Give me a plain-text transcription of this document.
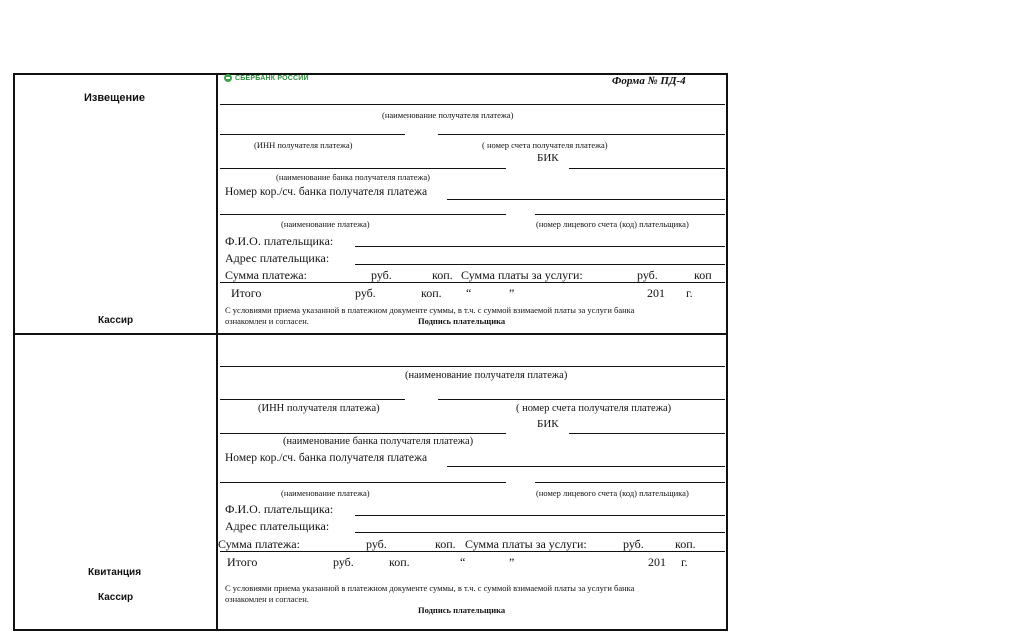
Извещение
Кассир
СБЕРБАНК РОССИИ	Форма № ПД-4
(наименование получателя платежа)
(ИНН получателя платежа)	( номер счета получателя платежа)
БИК
(наименование банка получателя платежа)
Номер кор./сч. банка получателя платежа
(наименование платежа)	(номер лицевого счета (код) плательщика)
Ф.И.О. плательщика:
Адрес плательщика:
Сумма платежа:	руб.	коп. Сумма платы за услуги:	руб.	коп
Итого	руб.	коп. “	”	201 г.
С условиями приема указанной в платежном документе суммы, в т.ч. с суммой взимаемой платы за услуги банка
ознакомлен и согласен.	Подпись плательщика
Квитанция
Кассир
(наименование получателя платежа)
(ИНН получателя платежа)	( номер счета получателя платежа)
БИК
(наименование банка получателя платежа)
Номер кор./сч. банка получателя платежа
(наименование платежа)	(номер лицевого счета (код) плательщика)
Ф.И.О. плательщика:
Адрес плательщика:
Сумма платежа:	руб.	коп. Сумма платы за услуги:	руб.	коп.
Итого	руб.	коп.	“	”	201 г.
С условиями приема указанной в платежном документе суммы, в т.ч. с суммой взимаемой платы за услуги банка
ознакомлен и согласен.
Подпись плательщика
